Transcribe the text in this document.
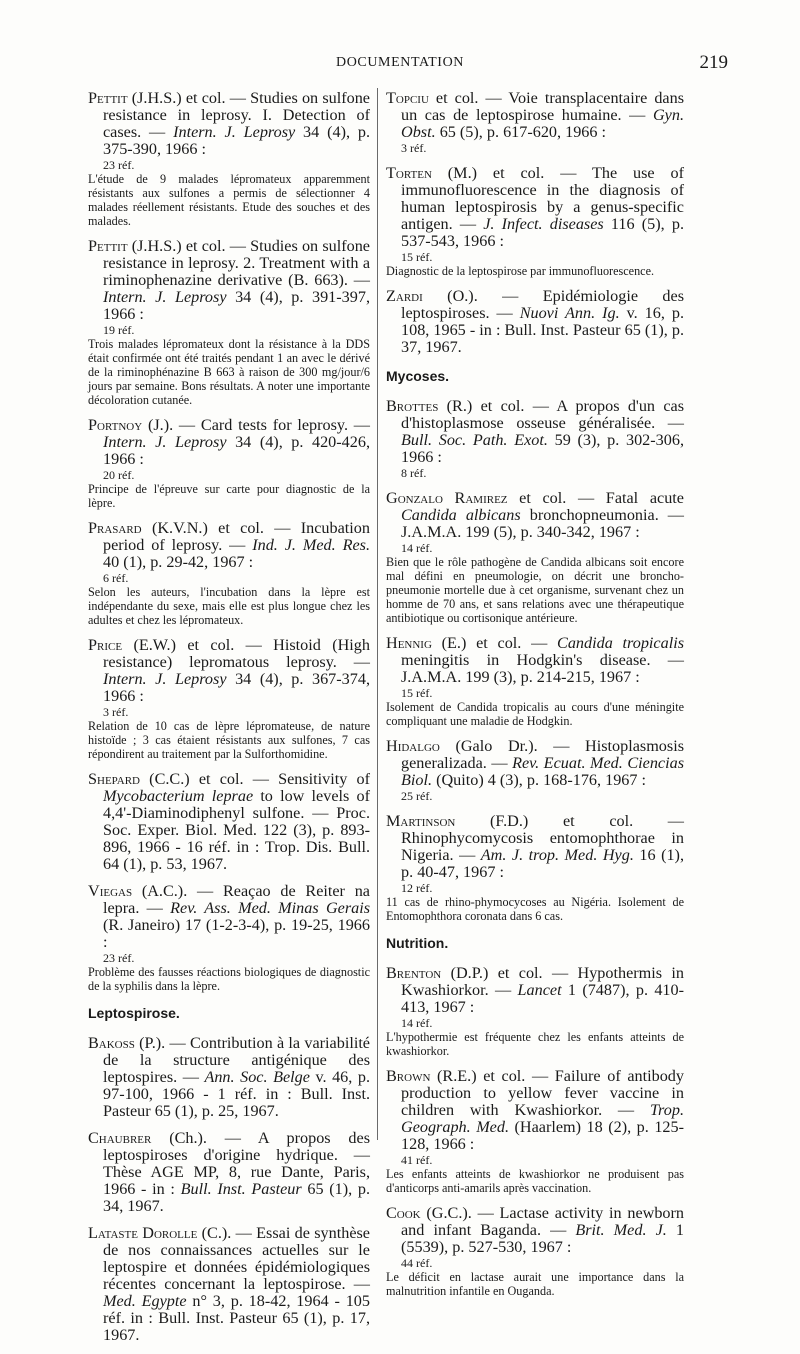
DOCUMENTATION	219
Pettit (J.H.S.) et col. — Studies on sulfone resistance in leprosy. I. Detection of cases. — Intern. J. Leprosy 34 (4), p. 375-390, 1966 :
23 réf.
L'étude de 9 malades lépromateux apparemment résistants aux sulfones a permis de sélectionner 4 malades réellement résistants. Etude des souches et des malades.
Pettit (J.H.S.) et col. — Studies on sulfone resistance in leprosy. 2. Treatment with a riminophenazine derivative (B. 663). — Intern. J. Leprosy 34 (4), p. 391-397, 1966 :
19 réf.
Trois malades lépromateux dont la résistance à la DDS était confirmée ont été traités pendant 1 an avec le dérivé de la riminophénazine B 663 à raison de 300 mg/jour/6 jours par semaine. Bons résultats. A noter une importante décoloration cutanée.
Portnoy (J.). — Card tests for leprosy. — Intern. J. Leprosy 34 (4), p. 420-426, 1966 :
20 réf.
Principe de l'épreuve sur carte pour diagnostic de la lèpre.
Prasard (K.V.N.) et col. — Incubation period of leprosy. — Ind. J. Med. Res. 40 (1), p. 29-42, 1967 :
6 réf.
Selon les auteurs, l'incubation dans la lèpre est indépendante du sexe, mais elle est plus longue chez les adultes et chez les lépromateux.
Price (E.W.) et col. — Histoid (High resistance) lepromatous leprosy. — Intern. J. Leprosy 34 (4), p. 367-374, 1966 :
3 réf.
Relation de 10 cas de lèpre lépromateuse, de nature histoïde ; 3 cas étaient résistants aux sulfones, 7 cas répondirent au traitement par la Sulforthomidine.
Shepard (C.C.) et col. — Sensitivity of Mycobacterium leprae to low levels of 4,4'-Diaminodiphenyl sulfone. — Proc. Soc. Exper. Biol. Med. 122 (3), p. 893-896, 1966 - 16 réf. in : Trop. Dis. Bull. 64 (1), p. 53, 1967.
Viegas (A.C.). — Reaçao de Reiter na lepra. — Rev. Ass. Med. Minas Gerais (R. Janeiro) 17 (1-2-3-4), p. 19-25, 1966 :
23 réf.
Problème des fausses réactions biologiques de diagnostic de la syphilis dans la lèpre.
Leptospirose.
Bakoss (P.). — Contribution à la variabilité de la structure antigénique des leptospires. — Ann. Soc. Belge v. 46, p. 97-100, 1966 - 1 réf. in : Bull. Inst. Pasteur 65 (1), p. 25, 1967.
Chaubrer (Ch.). — A propos des leptospiroses d'origine hydrique. — Thèse AGE MP, 8, rue Dante, Paris, 1966 - in : Bull. Inst. Pasteur 65 (1), p. 34, 1967.
Lataste Dorolle (C.). — Essai de synthèse de nos connaissances actuelles sur le leptospire et données épidémiologiques récentes concernant la leptospirose. — Med. Egypte n° 3, p. 18-42, 1964 - 105 réf. in : Bull. Inst. Pasteur 65 (1), p. 17, 1967.
Topciu et col. — Voie transplacentaire dans un cas de leptospirose humaine. — Gyn. Obst. 65 (5), p. 617-620, 1966 :
3 réf.
Torten (M.) et col. — The use of immunofluorescence in the diagnosis of human leptospirosis by a genus-specific antigen. — J. Infect. diseases 116 (5), p. 537-543, 1966 :
15 réf.
Diagnostic de la leptospirose par immunofluorescence.
Zardi (O.). — Epidémiologie des leptospiroses. — Nuovi Ann. Ig. v. 16, p. 108, 1965 - in : Bull. Inst. Pasteur 65 (1), p. 37, 1967.
Mycoses.
Brottes (R.) et col. — A propos d'un cas d'histoplasmose osseuse généralisée. — Bull. Soc. Path. Exot. 59 (3), p. 302-306, 1966 :
8 réf.
Gonzalo Ramirez et col. — Fatal acute Candida albicans bronchopneumonia. — J.A.M.A. 199 (5), p. 340-342, 1967 :
14 réf.
Bien que le rôle pathogène de Candida albicans soit encore mal défini en pneumologie, on décrit une broncho-pneumonie mortelle due à cet organisme, survenant chez un homme de 70 ans, et sans relations avec une thérapeutique antibiotique ou cortisonique antérieure.
Hennig (E.) et col. — Candida tropicalis meningitis in Hodgkin's disease. — J.A.M.A. 199 (3), p. 214-215, 1967 :
15 réf.
Isolement de Candida tropicalis au cours d'une méningite compliquant une maladie de Hodgkin.
Hidalgo (Galo Dr.). — Histoplasmosis generalizada. — Rev. Ecuat. Med. Ciencias Biol. (Quito) 4 (3), p. 168-176, 1967 :
25 réf.
Martinson (F.D.) et col. — Rhinophycomycosis entomophthorae in Nigeria. — Am. J. trop. Med. Hyg. 16 (1), p. 40-47, 1967 :
12 réf.
11 cas de rhino-phymocycoses au Nigéria. Isolement de Entomophthora coronata dans 6 cas.
Nutrition.
Brenton (D.P.) et col. — Hypothermis in Kwashiorkor. — Lancet 1 (7487), p. 410-413, 1967 :
14 réf.
L'hypothermie est fréquente chez les enfants atteints de kwashiorkor.
Brown (R.E.) et col. — Failure of antibody production to yellow fever vaccine in children with Kwashiorkor. — Trop. Geograph. Med. (Haarlem) 18 (2), p. 125-128, 1966 :
41 réf.
Les enfants atteints de kwashiorkor ne produisent pas d'anticorps anti-amarils après vaccination.
Cook (G.C.). — Lactase activity in newborn and infant Baganda. — Brit. Med. J. 1 (5539), p. 527-530, 1967 :
44 réf.
Le déficit en lactase aurait une importance dans la malnutrition infantile en Ouganda.
